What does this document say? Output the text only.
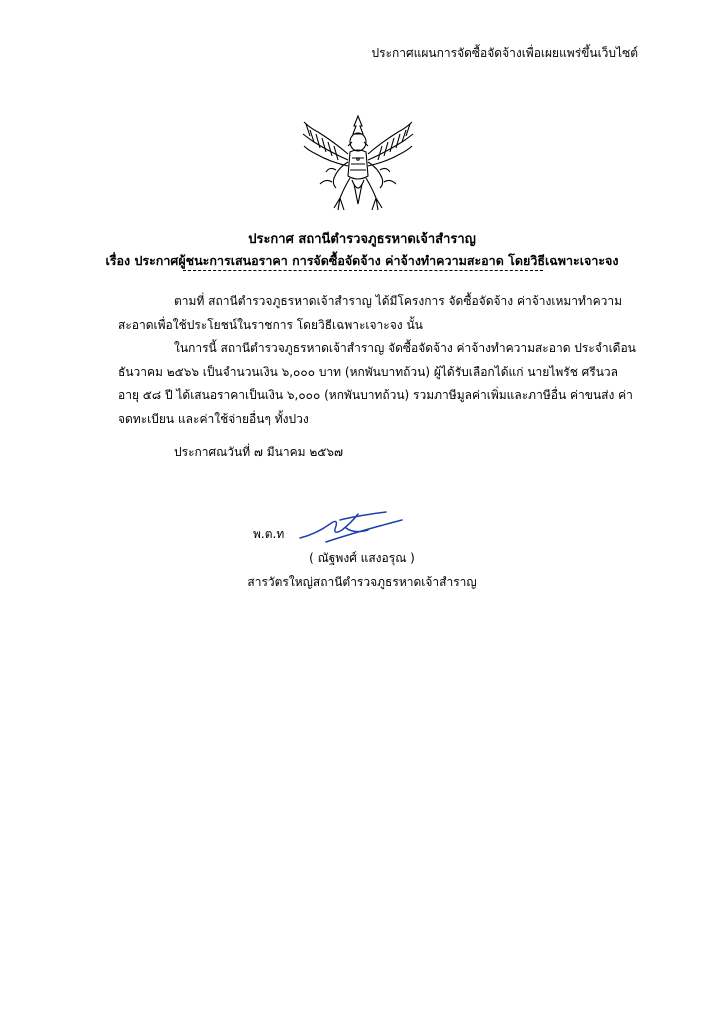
ประกาศแผนการจัดซื้อจัดจ้างเพื่อเผยแพร่ขึ้นเว็บไซต์
ประกาศ สถานีตำรวจภูธรหาดเจ้าสำราญ
เรื่อง ประกาศผู้ชนะการเสนอราคา การจัดซื้อจัดจ้าง ค่าจ้างทำความสะอาด โดยวิธีเฉพาะเจาะจง

ตามที่ สถานีตำรวจภูธรหาดเจ้าสำราญ ได้มีโครงการ จัดซื้อจัดจ้าง ค่าจ้างเหมาทำความสะอาดเพื่อใช้ประโยชน์ในราชการ โดยวิธีเฉพาะเจาะจง นั้น

ในการนี้ สถานีตำรวจภูธรหาดเจ้าสำราญ จัดซื้อจัดจ้าง ค่าจ้างทำความสะอาด ประจำเดือนธันวาคม ๒๕๖๖ เป็นจำนวนเงิน ๖,๐๐๐ บาท (หกพันบาทถ้วน) ผู้ได้รับเลือกได้แก่ นายไพรัช ศรีนวล อายุ ๕๘ ปี ได้เสนอราคาเป็นเงิน ๖,๐๐๐ (หกพันบาทถ้วน) รวมภาษีมูลค่าเพิ่มและภาษีอื่น ค่าขนส่ง ค่าจดทะเบียน และค่าใช้จ่ายอื่นๆ ทั้งปวง

ประกาศณวันที่ ๗ มีนาคม ๒๕๖๗
พ.ต.ท
( ณัฐพงศ์ แสงอรุณ )
สารวัตรใหญ่สถานีตำรวจภูธรหาดเจ้าสำราญ
